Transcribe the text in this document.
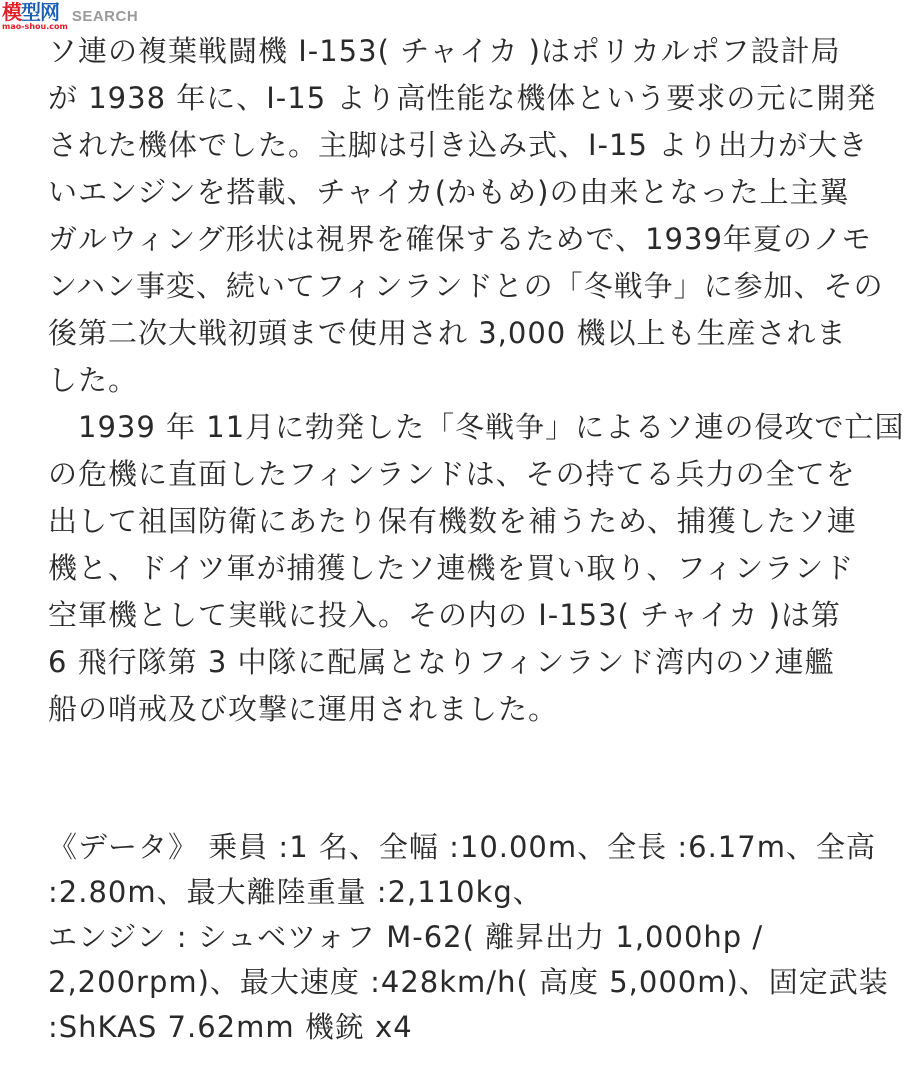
模型网
mao-shou.com
SEARCH
ソ連の複葉戦闘機 I-153( チャイカ )はポリカルポフ設計局
が 1938 年に、I-15 より高性能な機体という要求の元に開発
された機体でした。主脚は引き込み式、I-15 より出力が大き
いエンジンを搭載、チャイカ(かもめ)の由来となった上主翼
ガルウィング形状は視界を確保するためで、1939年夏のノモ
ンハン事変、続いてフィンランドとの「冬戦争」に参加、その
後第二次大戦初頭まで使用され 3,000 機以上も生産されま
した。
　1939 年 11月に勃発した「冬戦争」によるソ連の侵攻で亡国
の危機に直面したフィンランドは、その持てる兵力の全てを
出して祖国防衛にあたり保有機数を補うため、捕獲したソ連
機と、ドイツ軍が捕獲したソ連機を買い取り、フィンランド
空軍機として実戦に投入。その内の I-153( チャイカ )は第
6 飛行隊第 3 中隊に配属となりフィンランド湾内のソ連艦
船の哨戒及び攻撃に運用されました。
《データ》 乗員 :1 名、全幅 :10.00m、全長 :6.17m、全高
:2.80m、最大離陸重量 :2,110kg、
エンジン : シュベツォフ M-62( 離昇出力 1,000hp /
2,200rpm)、最大速度 :428km/h( 高度 5,000m)、固定武装
:ShKAS 7.62mm 機銃 x4
